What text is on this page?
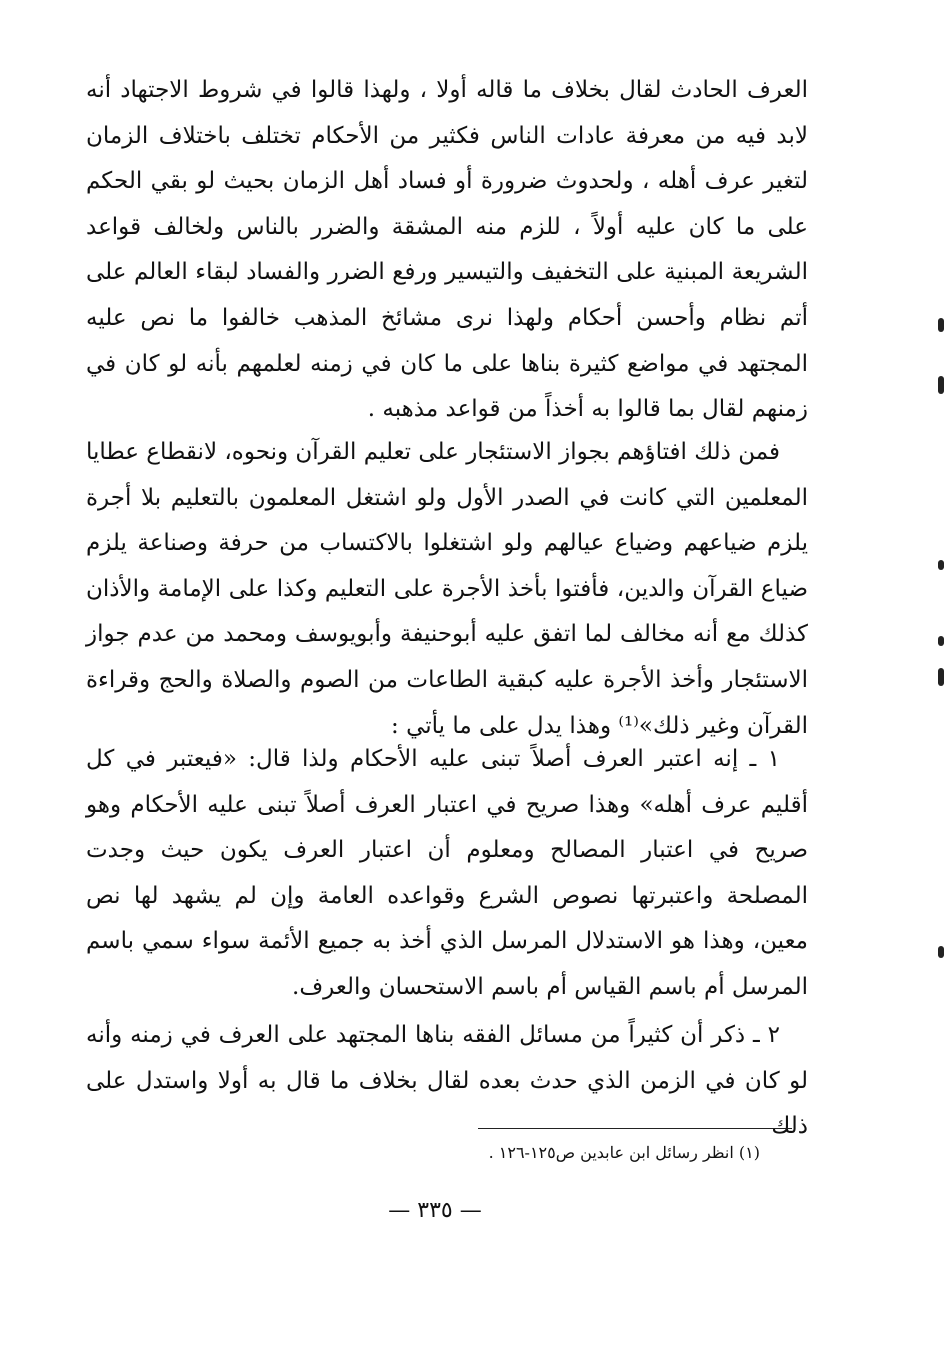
العرف الحادث لقال بخلاف ما قاله أولا ، ولهذا قالوا في شروط الاجتهاد أنه لابد فيه من معرفة عادات الناس فكثير من الأحكام تختلف باختلاف الزمان لتغير عرف أهله ، ولحدوث ضرورة أو فساد أهل الزمان بحيث لو بقي الحكم على ما كان عليه أولاً ، للزم منه المشقة والضرر بالناس ولخالف قواعد الشريعة المبنية على التخفيف والتيسير ورفع الضرر والفساد لبقاء العالم على أتم نظام وأحسن أحكام ولهذا نرى مشائخ المذهب خالفوا ما نص عليه المجتهد في مواضع كثيرة بناها على ما كان في زمنه لعلمهم بأنه لو كان في زمنهم لقال بما قالوا به أخذاً من قواعد مذهبه .

فمن ذلك افتاؤهم بجواز الاستئجار على تعليم القرآن ونحوه، لانقطاع عطايا المعلمين التي كانت في الصدر الأول ولو اشتغل المعلمون بالتعليم بلا أجرة يلزم ضياعهم وضياع عيالهم ولو اشتغلوا بالاكتساب من حرفة وصناعة يلزم ضياع القرآن والدين، فأفتوا بأخذ الأجرة على التعليم وكذا على الإمامة والأذان كذلك مع أنه مخالف لما اتفق عليه أبوحنيفة وأبويوسف ومحمد من عدم جواز الاستئجار وأخذ الأجرة عليه كبقية الطاعات من الصوم والصلاة والحج وقراءة القرآن وغير ذلك»⁽¹⁾ وهذا يدل على ما يأتي :

١ ـ إنه اعتبر العرف أصلاً تبنى عليه الأحكام ولذا قال: «فيعتبر في كل أقليم عرف أهله» وهذا صريح في اعتبار العرف أصلاً تبنى عليه الأحكام وهو صريح في اعتبار المصالح ومعلوم أن اعتبار العرف يكون حيث وجدت المصلحة واعتبرتها نصوص الشرع وقواعده العامة وإن لم يشهد لها نص معين، وهذا هو الاستدلال المرسل الذي أخذ به جميع الأئمة سواء سمي باسم المرسل أم باسم القياس أم باسم الاستحسان والعرف.

٢ ـ ذكر أن كثيراً من مسائل الفقه بناها المجتهد على العرف في زمنه وأنه لو كان في الزمن الذي حدث بعده لقال بخلاف ما قال به أولا واستدل على ذلك

(١) انظر رسائل ابن عابدين ص١٢٥-١٢٦ .

— ٣٣٥ —
